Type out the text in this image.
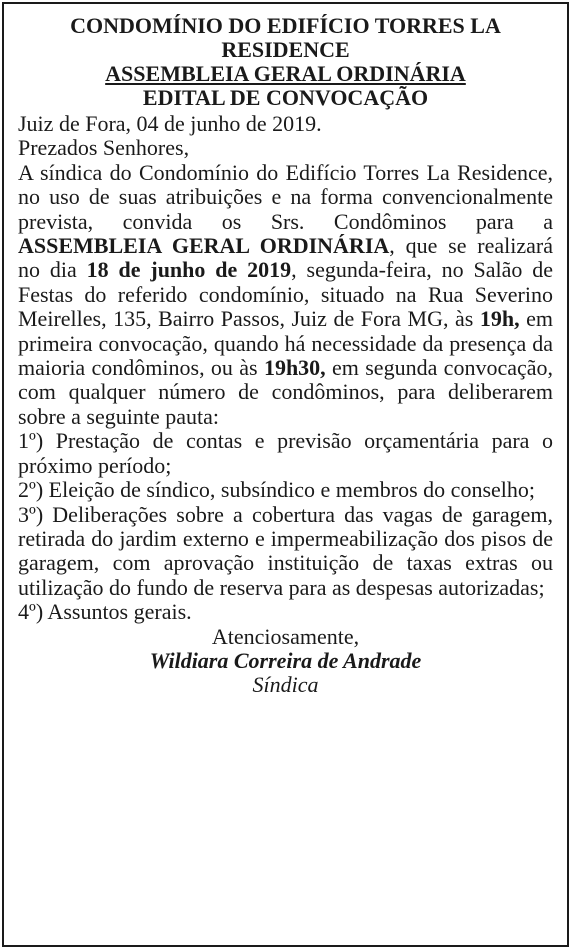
CONDOMÍNIO DO EDIFÍCIO TORRES LA
RESIDENCE

ASSEMBLEIA GERAL ORDINÁRIA

EDITAL DE CONVOCAÇÃO

Juiz de Fora, 04 de junho de 2019.

Prezados Senhores,

A síndica do Condomínio do Edifício Torres La Residence, no uso de suas atribuições e na forma convencionalmente prevista, convida os Srs. Condôminos para a ASSEMBLEIA GERAL ORDINÁRIA, que se realizará no dia 18 de junho de 2019, segunda-feira, no Salão de Festas do referido condomínio, situado na Rua Severino Meirelles, 135, Bairro Passos, Juiz de Fora MG, às 19h, em primeira convocação, quando há necessidade da presença da maioria condôminos, ou às 19h30, em segunda convocação, com qualquer número de condôminos, para deliberarem sobre a seguinte pauta:

1º) Prestação de contas e previsão orçamentária para o próximo período;

2º) Eleição de síndico, subsíndico e membros do conselho;

3º) Deliberações sobre a cobertura das vagas de garagem, retirada do jardim externo e impermeabilização dos pisos de garagem, com aprovação instituição de taxas extras ou utilização do fundo de reserva para as despesas autorizadas;

4º) Assuntos gerais.

Atenciosamente,

Wildiara Correira de Andrade

Síndica
